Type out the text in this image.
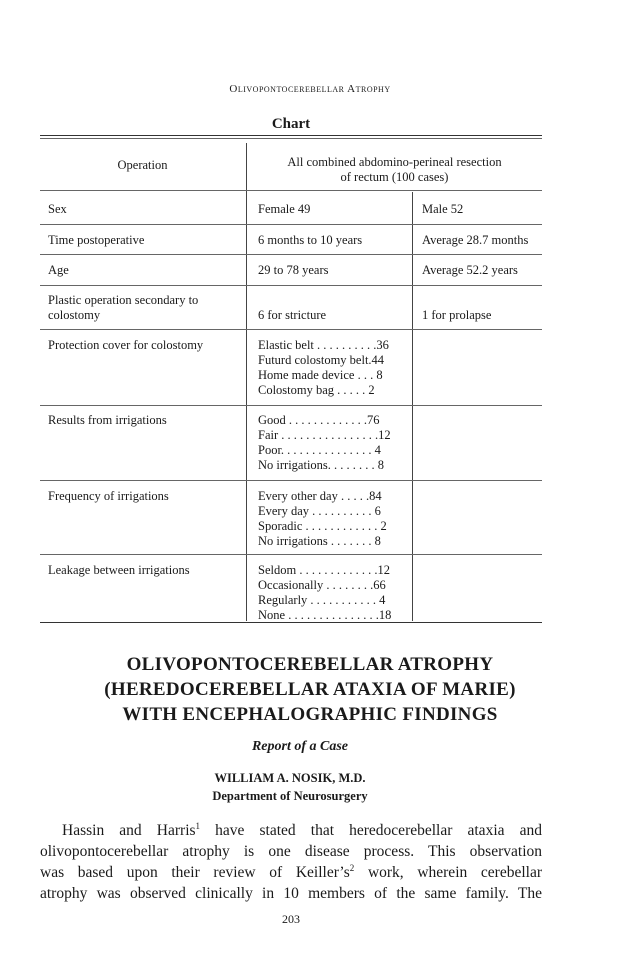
Olivopontocerebellar Atrophy
Chart
Operation	All combined abdomino-perineal resection
of rectum (100 cases)
Sex	Female 49	Male 52
Time postoperative	6 months to 10 years	Average 28.7 months
Age	29 to 78 years	Average 52.2 years
Plastic operation secondary to colostomy	6 for stricture	1 for prolapse
Protection cover for colostomy	Elastic belt . . . . . . . . . .36
Futurd colostomy belt.44
Home made device . . . 8
Colostomy bag . . . . . 2
Results from irrigations	Good . . . . . . . . . . . . .76
Fair . . . . . . . . . . . . . . . .12
Poor. . . . . . . . . . . . . . . 4
No irrigations. . . . . . . . 8
Frequency of irrigations	Every other day . . . . .84
Every day . . . . . . . . . . 6
Sporadic . . . . . . . . . . . . 2
No irrigations . . . . . . . 8
Leakage between irrigations	Seldom . . . . . . . . . . . . .12
Occasionally . . . . . . . .66
Regularly . . . . . . . . . . . 4
None . . . . . . . . . . . . . . .18
OLIVOPONTOCEREBELLAR ATROPHY
(HEREDOCEREBELLAR ATAXIA OF MARIE)
WITH ENCEPHALOGRAPHIC FINDINGS
Report of a Case
WILLIAM A. NOSIK, M.D.
Department of Neurosurgery
Hassin and Harris$^1$ have stated that heredocerebellar ataxia and
olivopontocerebellar atrophy is one disease process. This observation
was based upon their review of $Keiller’s^2$ work, wherein cerebellar
atrophy was observed clinically in 10 members of the same family. The
203
